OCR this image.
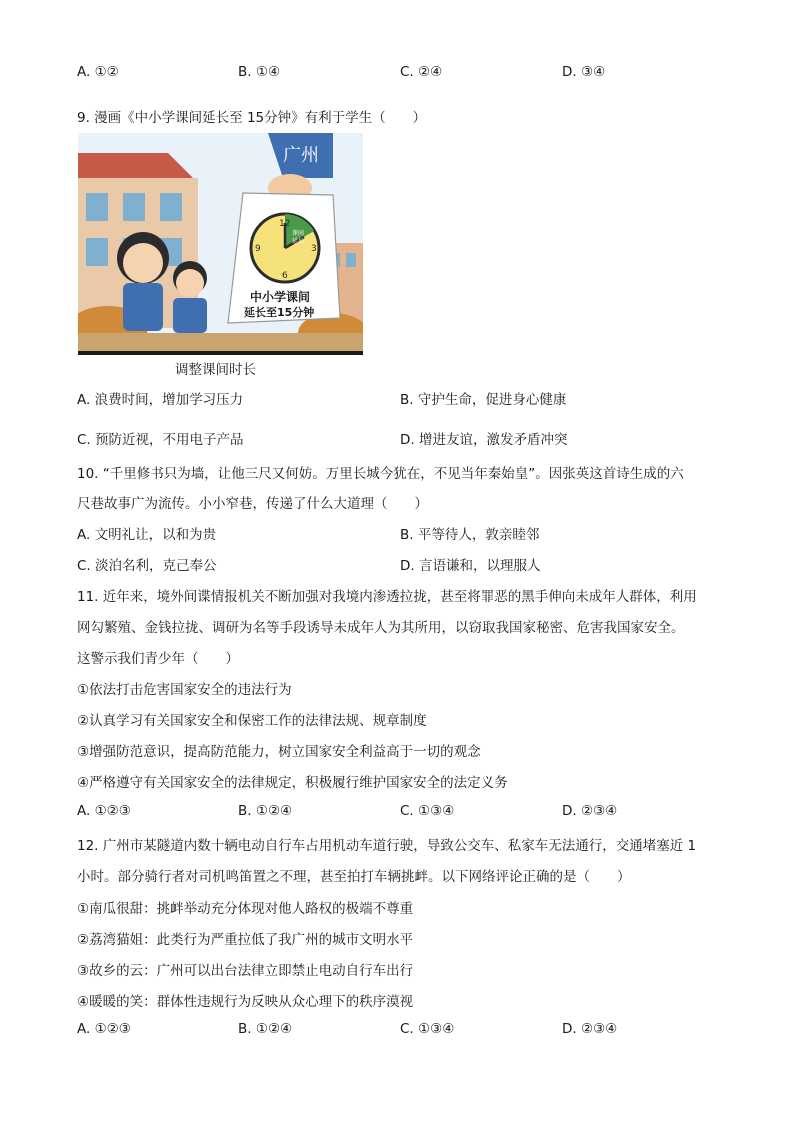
A. ①②	B. ①④	C. ②④	D. ③④
9. 漫画《中小学课间延长至 15分钟》有利于学生（　　）
广州
12
3
6
9
课间
延长
中小学课间
延长至15分钟
调整课间时长
A. 浪费时间，增加学习压力	B. 守护生命，促进身心健康
C. 预防近视，不用电子产品	D. 增进友谊，激发矛盾冲突
10. “千里修书只为墙，让他三尺又何妨。万里长城今犹在，不见当年秦始皇”。因张英这首诗生成的六
尺巷故事广为流传。小小窄巷，传递了什么大道理（　　）
A. 文明礼让，以和为贵	B. 平等待人，敦亲睦邻
C. 淡泊名利，克己奉公	D. 言语谦和，以理服人
11. 近年来，境外间谍情报机关不断加强对我境内渗透拉拢，甚至将罪恶的黑手伸向未成年人群体，利用
网勾繁殖、金钱拉拢、调研为名等手段诱导未成年人为其所用，以窃取我国家秘密、危害我国家安全。
这警示我们青少年（　　）
①依法打击危害国家安全的违法行为
②认真学习有关国家安全和保密工作的法律法规、规章制度
③增强防范意识，提高防范能力，树立国家安全利益高于一切的观念
④严格遵守有关国家安全的法律规定，积极履行维护国家安全的法定义务
A. ①②③	B. ①②④	C. ①③④	D. ②③④
12. 广州市某隧道内数十辆电动自行车占用机动车道行驶，导致公交车、私家车无法通行，交通堵塞近 1
小时。部分骑行者对司机鸣笛置之不理，甚至拍打车辆挑衅。以下网络评论正确的是（　　）
①南瓜很甜：挑衅举动充分体现对他人路权的极端不尊重
②荔湾猫姐：此类行为严重拉低了我广州的城市文明水平
③故乡的云：广州可以出台法律立即禁止电动自行车出行
④暖暖的笑：群体性违规行为反映从众心理下的秩序漠视
A. ①②③	B. ①②④	C. ①③④	D. ②③④
